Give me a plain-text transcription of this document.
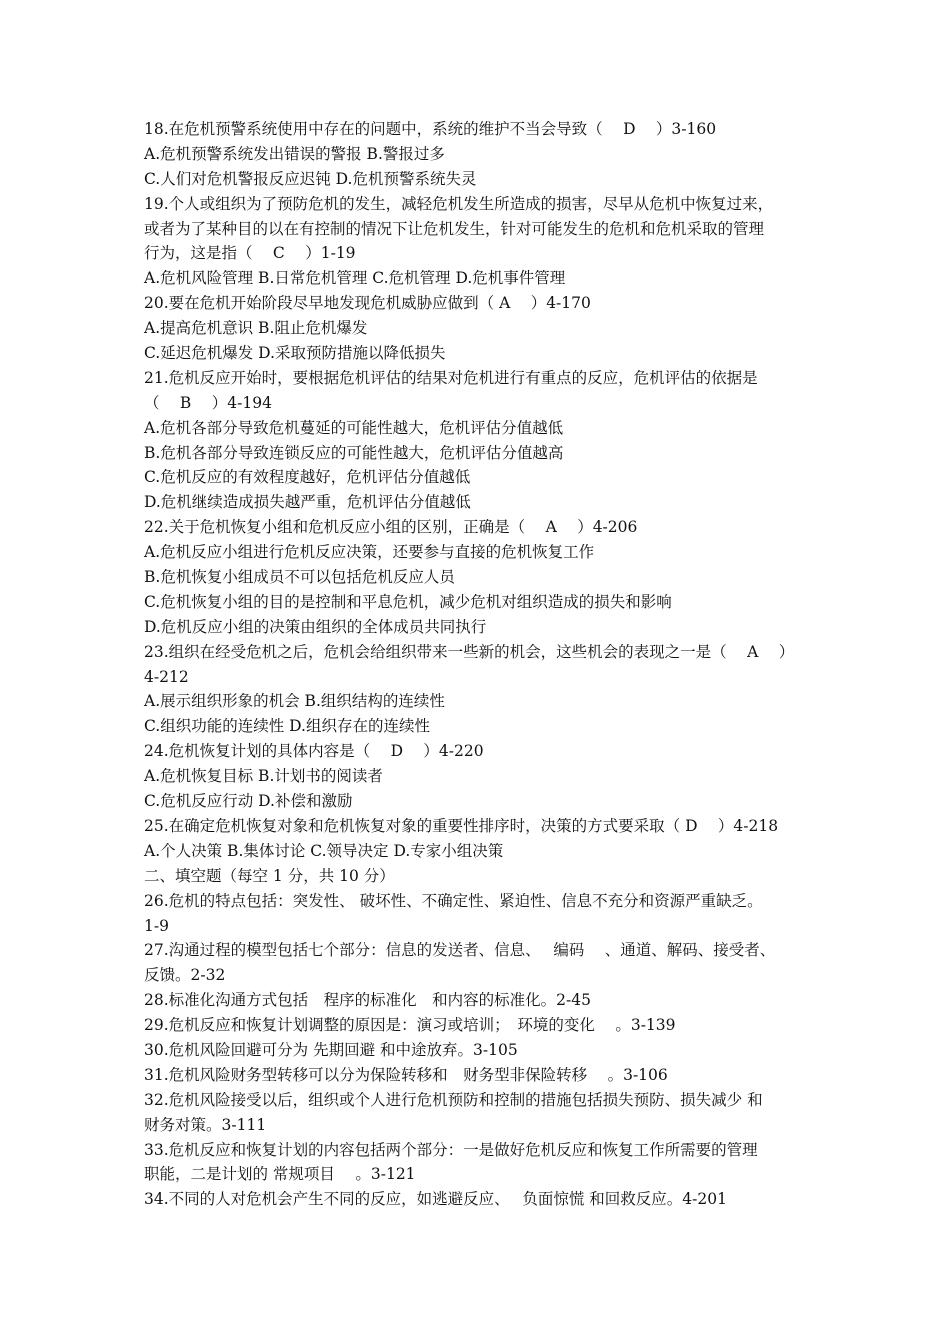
18.在危机预警系统使用中存在的问题中，系统的维护不当会导致（　 D　 ）3-160
A.危机预警系统发出错误的警报 B.警报过多
C.人们对危机警报反应迟钝 D.危机预警系统失灵
19.个人或组织为了预防危机的发生，减轻危机发生所造成的损害，尽早从危机中恢复过来，
或者为了某种目的以在有控制的情况下让危机发生，针对可能发生的危机和危机采取的管理
行为，这是指（　 C　 ）1-19
A.危机风险管理 B.日常危机管理 C.危机管理 D.危机事件管理
20.要在危机开始阶段尽早地发现危机威胁应做到（ A　 ）4-170
A.提高危机意识 B.阻止危机爆发
C.延迟危机爆发 D.采取预防措施以降低损失
21.危机反应开始时，要根据危机评估的结果对危机进行有重点的反应，危机评估的依据是
（　 B　 ）4-194
A.危机各部分导致危机蔓延的可能性越大，危机评估分值越低
B.危机各部分导致连锁反应的可能性越大，危机评估分值越高
C.危机反应的有效程度越好，危机评估分值越低
D.危机继续造成损失越严重，危机评估分值越低
22.关于危机恢复小组和危机反应小组的区别，正确是（　 A　 ）4-206
A.危机反应小组进行危机反应决策，还要参与直接的危机恢复工作
B.危机恢复小组成员不可以包括危机反应人员
C.危机恢复小组的目的是控制和平息危机，减少危机对组织造成的损失和影响
D.危机反应小组的决策由组织的全体成员共同执行
23.组织在经受危机之后，危机会给组织带来一些新的机会，这些机会的表现之一是（　 A　 ）
4-212
A.展示组织形象的机会 B.组织结构的连续性
C.组织功能的连续性 D.组织存在的连续性
24.危机恢复计划的具体内容是（　 D　 ）4-220
A.危机恢复目标 B.计划书的阅读者
C.危机反应行动 D.补偿和激励
25.在确定危机恢复对象和危机恢复对象的重要性排序时，决策的方式要采取（ D　 ）4-218
A.个人决策 B.集体讨论 C.领导决定 D.专家小组决策
二、填空题（每空 1 分，共 10 分）
26.危机的特点包括：突发性、 破坏性、不确定性、紧迫性、信息不充分和资源严重缺乏。
1-9
27.沟通过程的模型包括七个部分：信息的发送者、信息、　 编码　 、通道、解码、接受者、
反馈。2-32
28.标准化沟通方式包括　程序的标准化　和内容的标准化。2-45
29.危机反应和恢复计划调整的原因是：演习或培训；　环境的变化　 。3-139
30.危机风险回避可分为 先期回避 和中途放弃。3-105
31.危机风险财务型转移可以分为保险转移和　财务型非保险转移　 。3-106
32.危机风险接受以后，组织或个人进行危机预防和控制的措施包括损失预防、损失减少 和
财务对策。3-111
33.危机反应和恢复计划的内容包括两个部分：一是做好危机反应和恢复工作所需要的管理
职能，二是计划的 常规项目　 。3-121
34.不同的人对危机会产生不同的反应，如逃避反应、　 负面惊慌 和回救反应。4-201
